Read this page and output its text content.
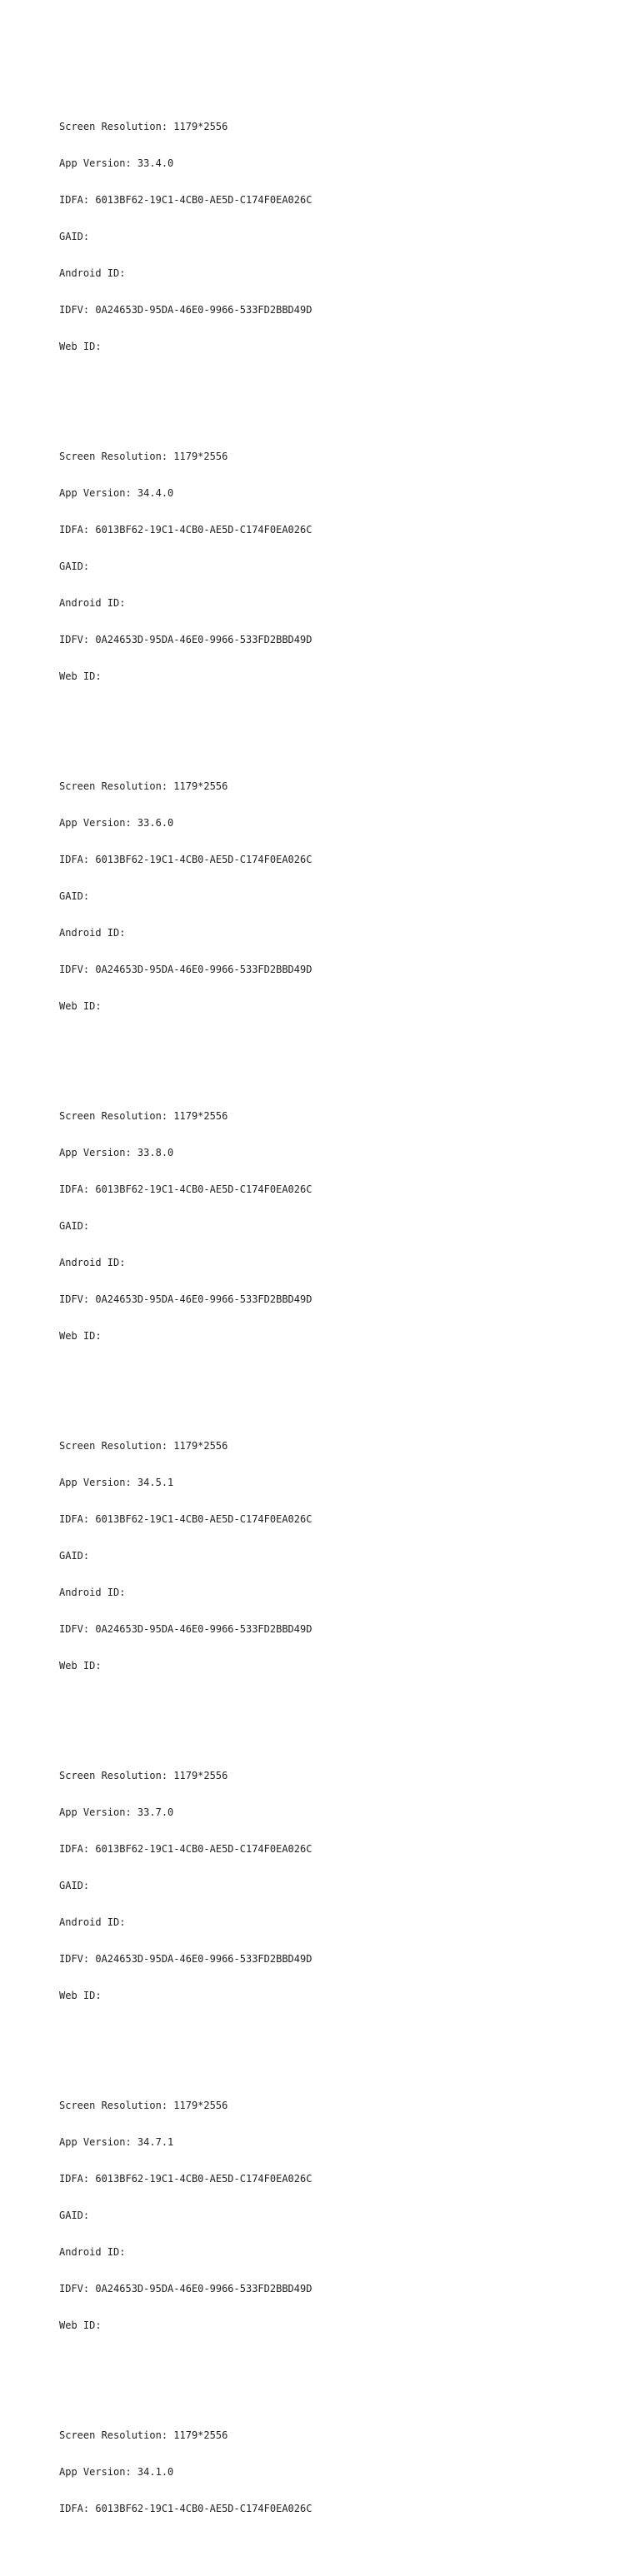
Screen Resolution: 1179*2556

App Version: 33.4.0

IDFA: 6013BF62-19C1-4CB0-AE5D-C174F0EA026C

GAID:

Android ID:

IDFV: 0A24653D-95DA-46E0-9966-533FD2BBD49D

Web ID:

Screen Resolution: 1179*2556

App Version: 34.4.0

IDFA: 6013BF62-19C1-4CB0-AE5D-C174F0EA026C

GAID:

Android ID:

IDFV: 0A24653D-95DA-46E0-9966-533FD2BBD49D

Web ID:

Screen Resolution: 1179*2556

App Version: 33.6.0

IDFA: 6013BF62-19C1-4CB0-AE5D-C174F0EA026C

GAID:

Android ID:

IDFV: 0A24653D-95DA-46E0-9966-533FD2BBD49D

Web ID:

Screen Resolution: 1179*2556

App Version: 33.8.0

IDFA: 6013BF62-19C1-4CB0-AE5D-C174F0EA026C

GAID:

Android ID:

IDFV: 0A24653D-95DA-46E0-9966-533FD2BBD49D

Web ID:

Screen Resolution: 1179*2556

App Version: 34.5.1

IDFA: 6013BF62-19C1-4CB0-AE5D-C174F0EA026C

GAID:

Android ID:

IDFV: 0A24653D-95DA-46E0-9966-533FD2BBD49D

Web ID:

Screen Resolution: 1179*2556

App Version: 33.7.0

IDFA: 6013BF62-19C1-4CB0-AE5D-C174F0EA026C

GAID:

Android ID:

IDFV: 0A24653D-95DA-46E0-9966-533FD2BBD49D

Web ID:

Screen Resolution: 1179*2556

App Version: 34.7.1

IDFA: 6013BF62-19C1-4CB0-AE5D-C174F0EA026C

GAID:

Android ID:

IDFV: 0A24653D-95DA-46E0-9966-533FD2BBD49D

Web ID:

Screen Resolution: 1179*2556

App Version: 34.1.0

IDFA: 6013BF62-19C1-4CB0-AE5D-C174F0EA026C
